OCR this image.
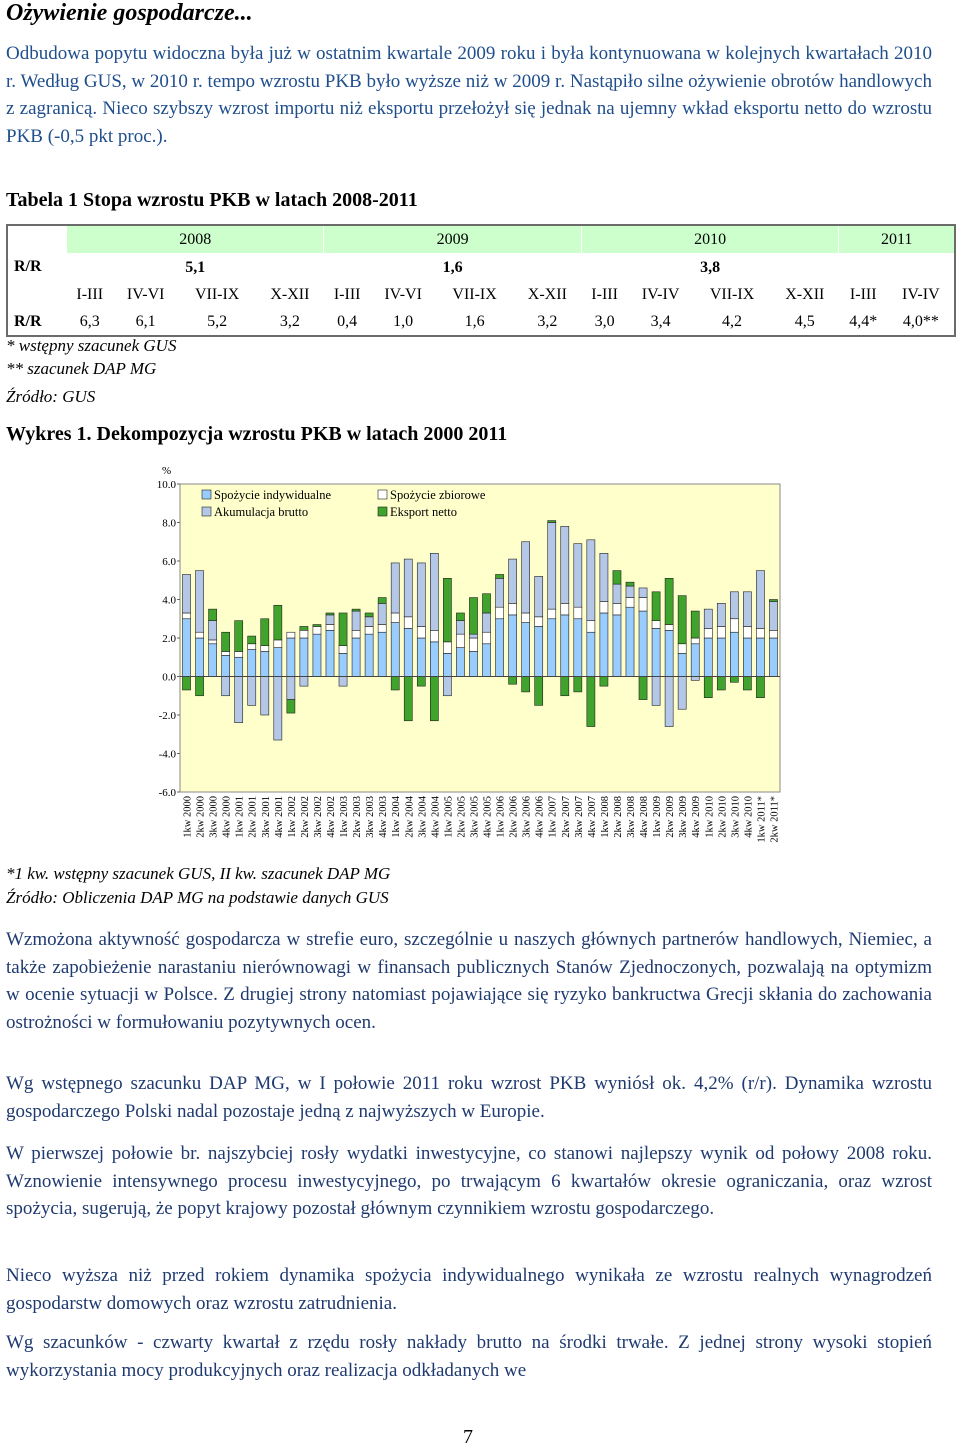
Ożywienie gospodarcze...
Odbudowa popytu widoczna była już w ostatnim kwartale 2009 roku i była kontynuowana w kolejnych kwartałach 2010 r. Według GUS, w 2010 r. tempo wzrostu PKB było wyższe niż w 2009 r. Nastąpiło silne ożywienie obrotów handlowych z zagranicą. Nieco szybszy wzrost importu niż eksportu przełożył się jednak na ujemny wkład eksportu netto do wzrostu PKB (-0,5 pkt proc.).
Tabela 1 Stopa wzrostu PKB w latach 2008-2011
	2008				2009				2010				2011	
R/R	5,1				1,6				3,8					
	I-III	IV-VI	VII-IX	X-XII	I-III	IV-VI	VII-IX	X-XII	I-III	IV-IV	VII-IX	X-XII	I-III	IV-IV
R/R	6,3	6,1	5,2	3,2	0,4	1,0	1,6	3,2	3,0	3,4	4,2	4,5	4,4*	4,0**
* wstępny szacunek GUS
** szacunek DAP MG
Źródło: GUS
Wykres 1. Dekompozycja wzrostu PKB w latach 2000 2011
%
10.0
8.0
6.0
4.0
2.0
0.0
-2.0
-4.0
-6.0
1kw 2000 2kw 2000 3kw 2000 4kw 2000 1kw 2001 2kw 2001 3kw 2001 4kw 2001 1kw 2002 2kw 2002 3kw 2002 4kw 2002 1kw 2003 2kw 2003 3kw 2003 4kw 2003 1kw 2004 2kw 2004 3kw 2004 4kw 2004 1kw 2005 2kw 2005 3kw 2005 4kw 2005 1kw 2006 2kw 2006 3kw 2006 4kw 2006 1kw 2007 2kw 2007 3kw 2007 4kw 2007 1kw 2008 2kw 2008 3kw 2008 4kw 2008 1kw 2009 2kw 2009 3kw 2009 4kw 2009 1kw 2010 2kw 2010 3kw 2010 4kw 2010 1kw 2011* 2kw 2011*
Spożycie indywidualne	Spożycie zbiorowe
Akumulacja brutto	Eksport netto
*1 kw. wstępny szacunek GUS, II kw. szacunek DAP MG
Źródło: Obliczenia DAP MG na podstawie danych GUS
Wzmożona aktywność gospodarcza w strefie euro, szczególnie u naszych głównych partnerów handlowych, Niemiec, a także zapobieżenie narastaniu nierównowagi w finansach publicznych Stanów Zjednoczonych, pozwalają na optymizm w ocenie sytuacji w Polsce. Z drugiej strony natomiast pojawiające się ryzyko bankructwa Grecji skłania do zachowania ostrożności w formułowaniu pozytywnych ocen.
Wg wstępnego szacunku DAP MG, w I połowie 2011 roku wzrost PKB wyniósł ok. 4,2% (r/r). Dynamika wzrostu gospodarczego Polski nadal pozostaje jedną z najwyższych w Europie.
W pierwszej połowie br. najszybciej rosły wydatki inwestycyjne, co stanowi najlepszy wynik od połowy 2008 roku. Wznowienie intensywnego procesu inwestycyjnego, po trwającym 6 kwartałów okresie ograniczania, oraz wzrost spożycia, sugerują, że popyt krajowy pozostał głównym czynnikiem wzrostu gospodarczego.
Nieco wyższa niż przed rokiem dynamika spożycia indywidualnego wynikała ze wzrostu realnych wynagrodzeń gospodarstw domowych oraz wzrostu zatrudnienia.
Wg szacunków - czwarty kwartał z rzędu rosły nakłady brutto na środki trwałe. Z jednej strony wysoki stopień wykorzystania mocy produkcyjnych oraz realizacja odkładanych we
7
